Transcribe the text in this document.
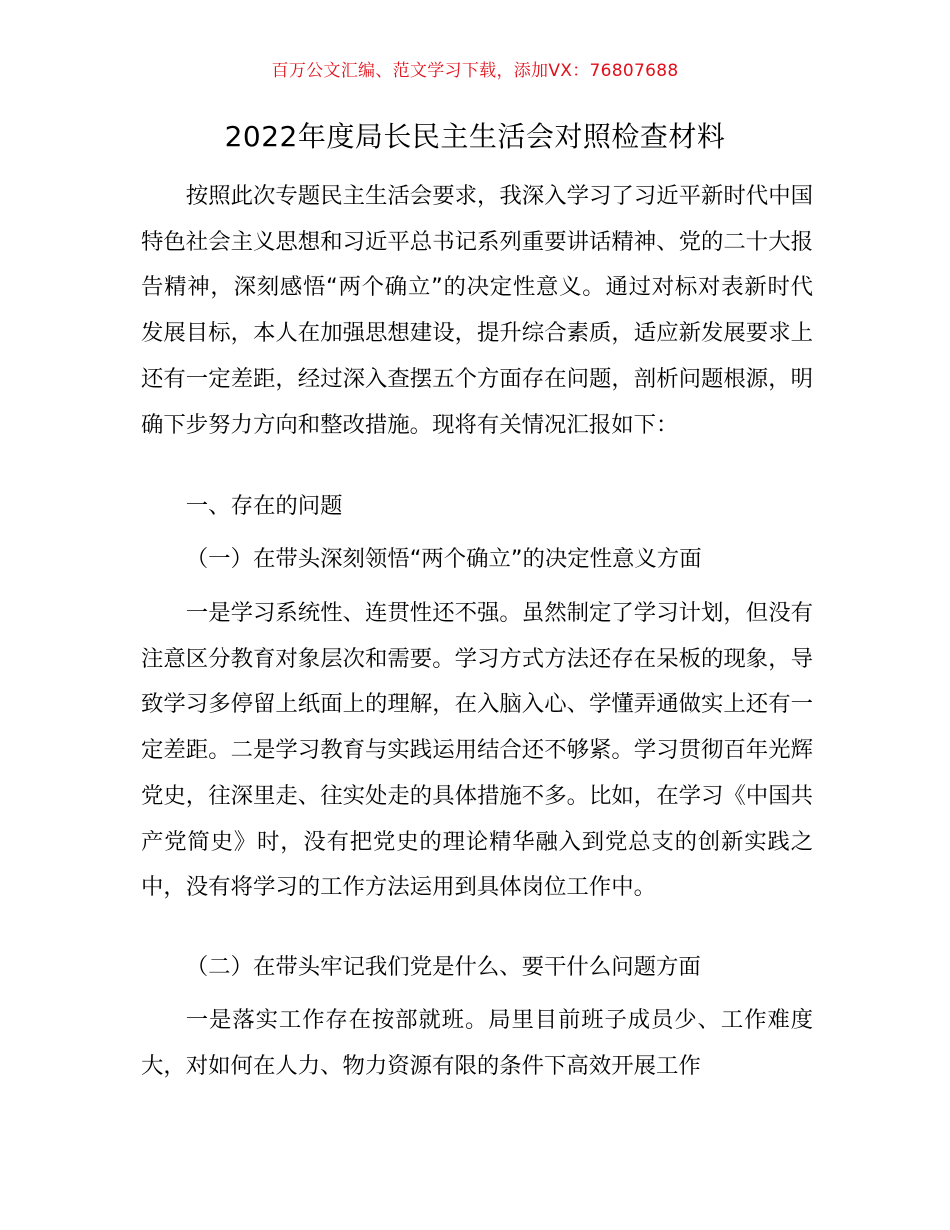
百万公文汇编、范文学习下载，添加VX：76807688
2022年度局长民主生活会对照检查材料

按照此次专题民主生活会要求，我深入学习了习近平新时代中国特色社会主义思想和习近平总书记系列重要讲话精神、党的二十大报告精神，深刻感悟“两个确立”的决定性意义。通过对标对表新时代发展目标，本人在加强思想建设，提升综合素质，适应新发展要求上还有一定差距，经过深入查摆五个方面存在问题，剖析问题根源，明确下步努力方向和整改措施。现将有关情况汇报如下：

一、存在的问题

（一）在带头深刻领悟“两个确立”的决定性意义方面

一是学习系统性、连贯性还不强。虽然制定了学习计划，但没有注意区分教育对象层次和需要。学习方式方法还存在呆板的现象，导致学习多停留上纸面上的理解，在入脑入心、学懂弄通做实上还有一定差距。二是学习教育与实践运用结合还不够紧。学习贯彻百年光辉党史，往深里走、往实处走的具体措施不多。比如，在学习《中国共产党简史》时，没有把党史的理论精华融入到党总支的创新实践之中，没有将学习的工作方法运用到具体岗位工作中。

（二）在带头牢记我们党是什么、要干什么问题方面

一是落实工作存在按部就班。局里目前班子成员少、工作难度大，对如何在人力、物力资源有限的条件下高效开展工作
